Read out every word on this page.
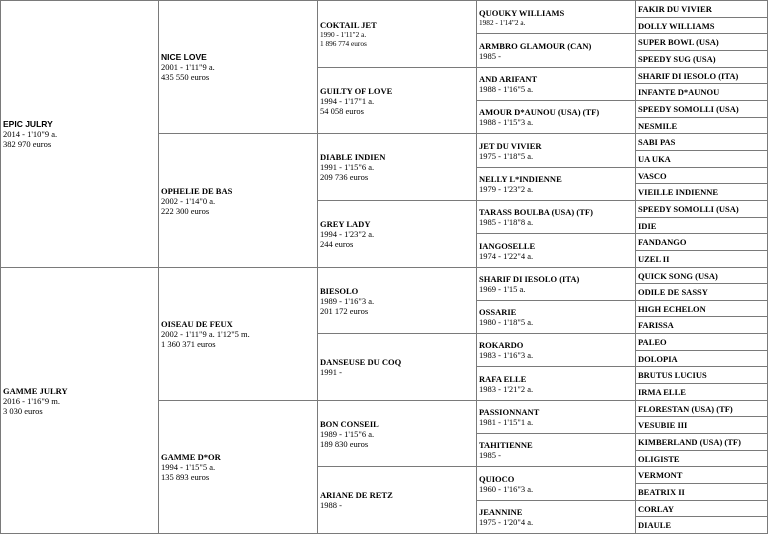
EPIC JULRY
2014 - 1'10"9 a.
382 970 euros
GAMME JULRY
2016 - 1'16"9 m.
3 030 euros
NICE LOVE
2001 - 1'11"9 a.
435 550 euros
OPHELIE DE BAS
2002 - 1'14"0 a.
222 300 euros
OISEAU DE FEUX
2002 - 1'11"9 a. 1'12"5 m.
1 360 371 euros
GAMME D*OR
1994 - 1'15"5 a.
135 893 euros
COKTAIL JET
1990 - 1'11"2 a.
1 896 774 euros
GUILTY OF LOVE
1994 - 1'17"1 a.
54 058 euros
DIABLE INDIEN
1991 - 1'15"6 a.
209 736 euros
GREY LADY
1994 - 1'23"2 a.
244 euros
BIESOLO
1989 - 1'16"3 a.
201 172 euros
DANSEUSE DU COQ
1991 -
BON CONSEIL
1989 - 1'15"6 a.
189 830 euros
ARIANE DE RETZ
1988 -
QUOUKY WILLIAMS
1982 - 1'14"2 a.
ARMBRO GLAMOUR (CAN)
1985 -
AND ARIFANT
1988 - 1'16"5 a.
AMOUR D*AUNOU (USA) (TF)
1988 - 1'15"3 a.
JET DU VIVIER
1975 - 1'18"5 a.
NELLY L*INDIENNE
1979 - 1'23"2 a.
TARASS BOULBA (USA) (TF)
1985 - 1'18"8 a.
IANGOSELLE
1974 - 1'22"4 a.
SHARIF DI IESOLO (ITA)
1969 - 1'15 a.
OSSARIE
1980 - 1'18"5 a.
ROKARDO
1983 - 1'16"3 a.
RAFA ELLE
1983 - 1'21"2 a.
PASSIONNANT
1981 - 1'15"1 a.
TAHITIENNE
1985 -
QUIOCO
1960 - 1'16"3 a.
JEANNINE
1975 - 1'20"4 a.
FAKIR DU VIVIER
DOLLY WILLIAMS
SUPER BOWL (USA)
SPEEDY SUG (USA)
SHARIF DI IESOLO (ITA)
INFANTE D*AUNOU
SPEEDY SOMOLLI (USA)
NESMILE
SABI PAS
UA UKA
VASCO
VIEILLE INDIENNE
SPEEDY SOMOLLI (USA)
IDIE
FANDANGO
UZEL II
QUICK SONG (USA)
ODILE DE SASSY
HIGH ECHELON
FARISSA
PALEO
DOLOPIA
BRUTUS LUCIUS
IRMA ELLE
FLORESTAN (USA) (TF)
VESUBIE III
KIMBERLAND (USA) (TF)
OLIGISTE
VERMONT
BEATRIX II
CORLAY
DIAULE
